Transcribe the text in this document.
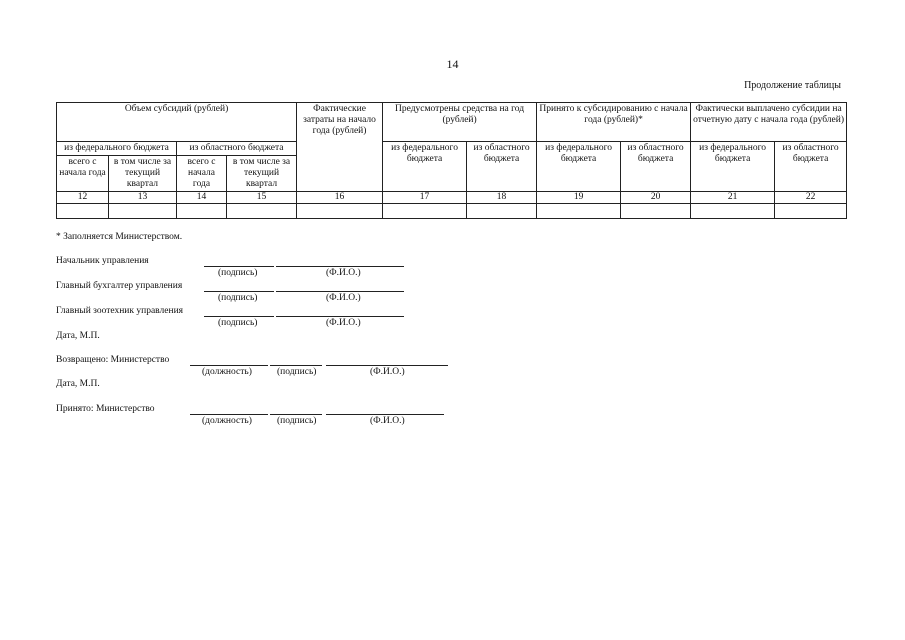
14
Продолжение таблицы
Объем субсидий (рублей)				Фактические затраты на начало года (рублей)	Предусмотрены средства на год (рублей)		Принято к субсидированию с начала года (рублей)*		Фактически выплачено субсидии на отчетную дату с начала года (рублей)	
из федерального бюджета		из областного бюджета			из федерального бюджета	из областного бюджета	из федерального бюджета	из областного бюджета	из федерального бюджета	из областного бюджета
всего с начала года	в том числе за текущий квартал	всего с начала года	в том числе за текущий квартал							
12	13	14	15	16	17	18	19	20	21	22

* Заполняется Министерством.
Начальник управления
(подпись)	(Ф.И.О.)
Главный бухгалтер управления
(подпись)	(Ф.И.О.)
Главный зоотехник управления
(подпись)	(Ф.И.О.)
Дата, М.П.
Возвращено: Министерство
(должность)	(подпись)	(Ф.И.О.)
Дата, М.П.
Принято: Министерство
(должность)	(подпись)	(Ф.И.О.)
